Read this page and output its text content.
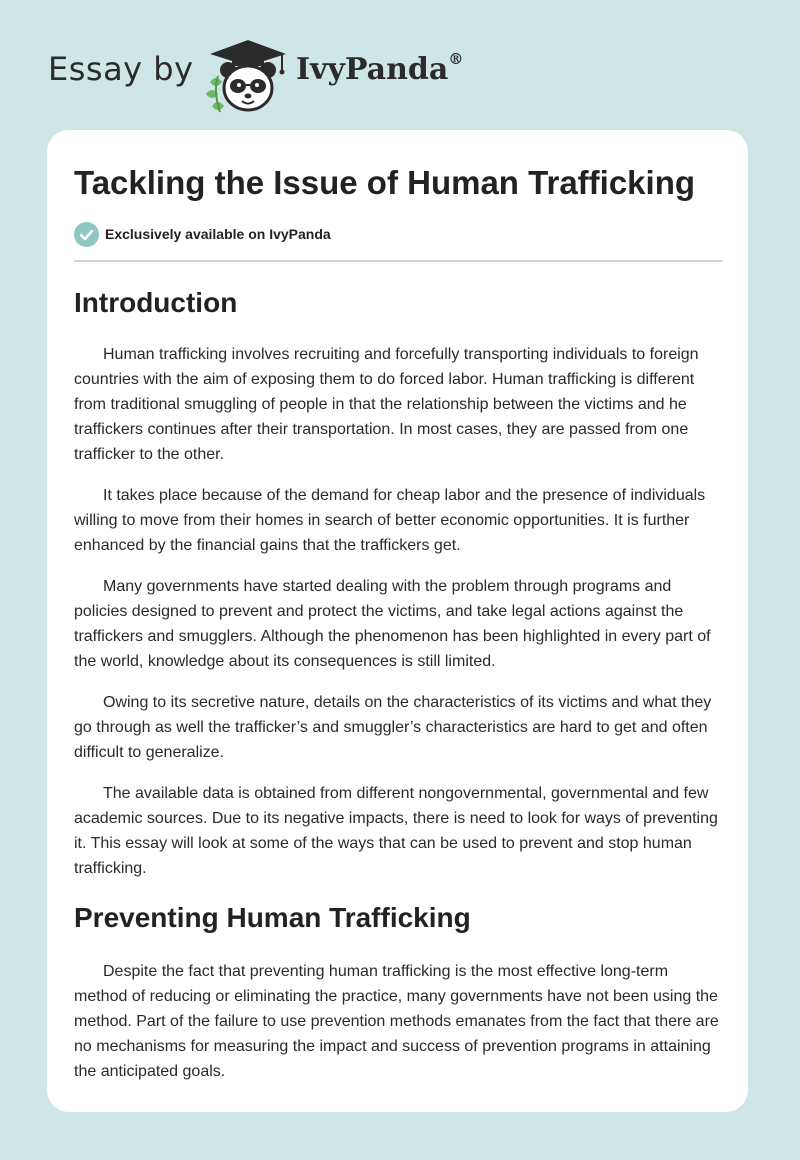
Essay by	IvyPanda®
Tackling the Issue of Human Trafficking
Exclusively available on IvyPanda
Introduction

Human trafficking involves recruiting and forcefully transporting individuals to foreign countries with the aim of exposing them to do forced labor. Human trafficking is different from traditional smuggling of people in that the relationship between the victims and he traffickers continues after their transportation. In most cases, they are passed from one trafficker to the other.

It takes place because of the demand for cheap labor and the presence of individuals willing to move from their homes in search of better economic opportunities. It is further enhanced by the financial gains that the traffickers get.

Many governments have started dealing with the problem through programs and policies designed to prevent and protect the victims, and take legal actions against the traffickers and smugglers. Although the phenomenon has been highlighted in every part of the world, knowledge about its consequences is still limited.

Owing to its secretive nature, details on the characteristics of its victims and what they go through as well the trafficker’s and smuggler’s characteristics are hard to get and often difficult to generalize.

The available data is obtained from different nongovernmental, governmental and few academic sources. Due to its negative impacts, there is need to look for ways of preventing it. This essay will look at some of the ways that can be used to prevent and stop human trafficking.

Preventing Human Trafficking

Despite the fact that preventing human trafficking is the most effective long-term method of reducing or eliminating the practice, many governments have not been using the method. Part of the failure to use prevention methods emanates from the fact that there are no mechanisms for measuring the impact and success of prevention programs in attaining the anticipated goals.
